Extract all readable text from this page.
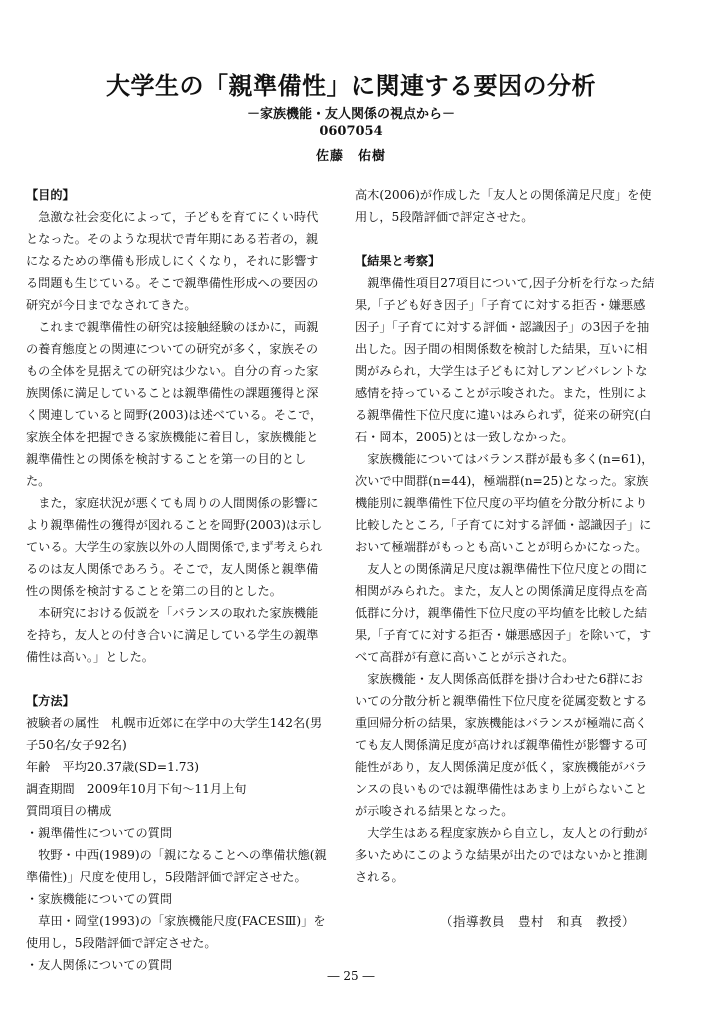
大学生の「親準備性」に関連する要因の分析
－家族機能・友人関係の視点から－
0607054
佐藤　佑樹

【目的】

急激な社会変化によって，子どもを育てにくい時代となった。そのような現状で青年期にある若者の，親になるための準備も形成しにくくなり，それに影響する問題も生じている。そこで親準備性形成への要因の研究が今日までなされてきた。

これまで親準備性の研究は接触経験のほかに，両親の養育態度との関連についての研究が多く，家族そのもの全体を見据えての研究は少ない。自分の育った家族関係に満足していることは親準備性の課題獲得と深く関連していると岡野(2003)は述べている。そこで，家族全体を把握できる家族機能に着目し，家族機能と親準備性との関係を検討することを第一の目的とした。

また，家庭状況が悪くても周りの人間関係の影響により親準備性の獲得が図れることを岡野(2003)は示している。大学生の家族以外の人間関係で,まず考えられるのは友人関係であろう。そこで，友人関係と親準備性の関係を検討することを第二の目的とした。

本研究における仮説を「バランスの取れた家族機能を持ち，友人との付き合いに満足している学生の親準備性は高い。」とした。

【方法】

被験者の属性　札幌市近郊に在学中の大学生142名(男子50名/女子92名)

年齢　平均20.37歳(SD=1.73)

調査期間　2009年10月下旬～11月上旬

質問項目の構成

・親準備性についての質問

牧野・中西(1989)の「親になることへの準備状態(親準備性)」尺度を使用し，5段階評価で評定させた。

・家族機能についての質問

草田・岡堂(1993)の「家族機能尺度(FACESⅢ)」を使用し，5段階評価で評定させた。

・友人関係についての質問

高木(2006)が作成した「友人との関係満足尺度」を使用し，5段階評価で評定させた。

【結果と考察】

親準備性項目27項目について,因子分析を行なった結果,「子ども好き因子」「子育てに対する拒否・嫌悪感因子」「子育てに対する評価・認識因子」の3因子を抽出した。因子間の相関係数を検討した結果，互いに相関がみられ，大学生は子どもに対しアンビバレントな感情を持っていることが示唆された。また，性別による親準備性下位尺度に違いはみられず，従来の研究(白石・岡本，2005)とは一致しなかった。

家族機能についてはバランス群が最も多く(n=61)，次いで中間群(n=44)，極端群(n=25)となった。家族機能別に親準備性下位尺度の平均値を分散分析により比較したところ,「子育てに対する評価・認識因子」において極端群がもっとも高いことが明らかになった。

友人との関係満足尺度は親準備性下位尺度との間に相関がみられた。また，友人との関係満足度得点を高低群に分け，親準備性下位尺度の平均値を比較した結果,「子育てに対する拒否・嫌悪感因子」を除いて，すべて高群が有意に高いことが示された。

家族機能・友人関係高低群を掛け合わせた6群においての分散分析と親準備性下位尺度を従属変数とする重回帰分析の結果，家族機能はバランスが極端に高くても友人関係満足度が高ければ親準備性が影響する可能性があり，友人関係満足度が低く，家族機能がバランスの良いものでは親準備性はあまり上がらないことが示唆される結果となった。

大学生はある程度家族から自立し，友人との行動が多いためにこのような結果が出たのではないかと推測される。

（指導教員　豊村　和真　教授）
― 25 ―
